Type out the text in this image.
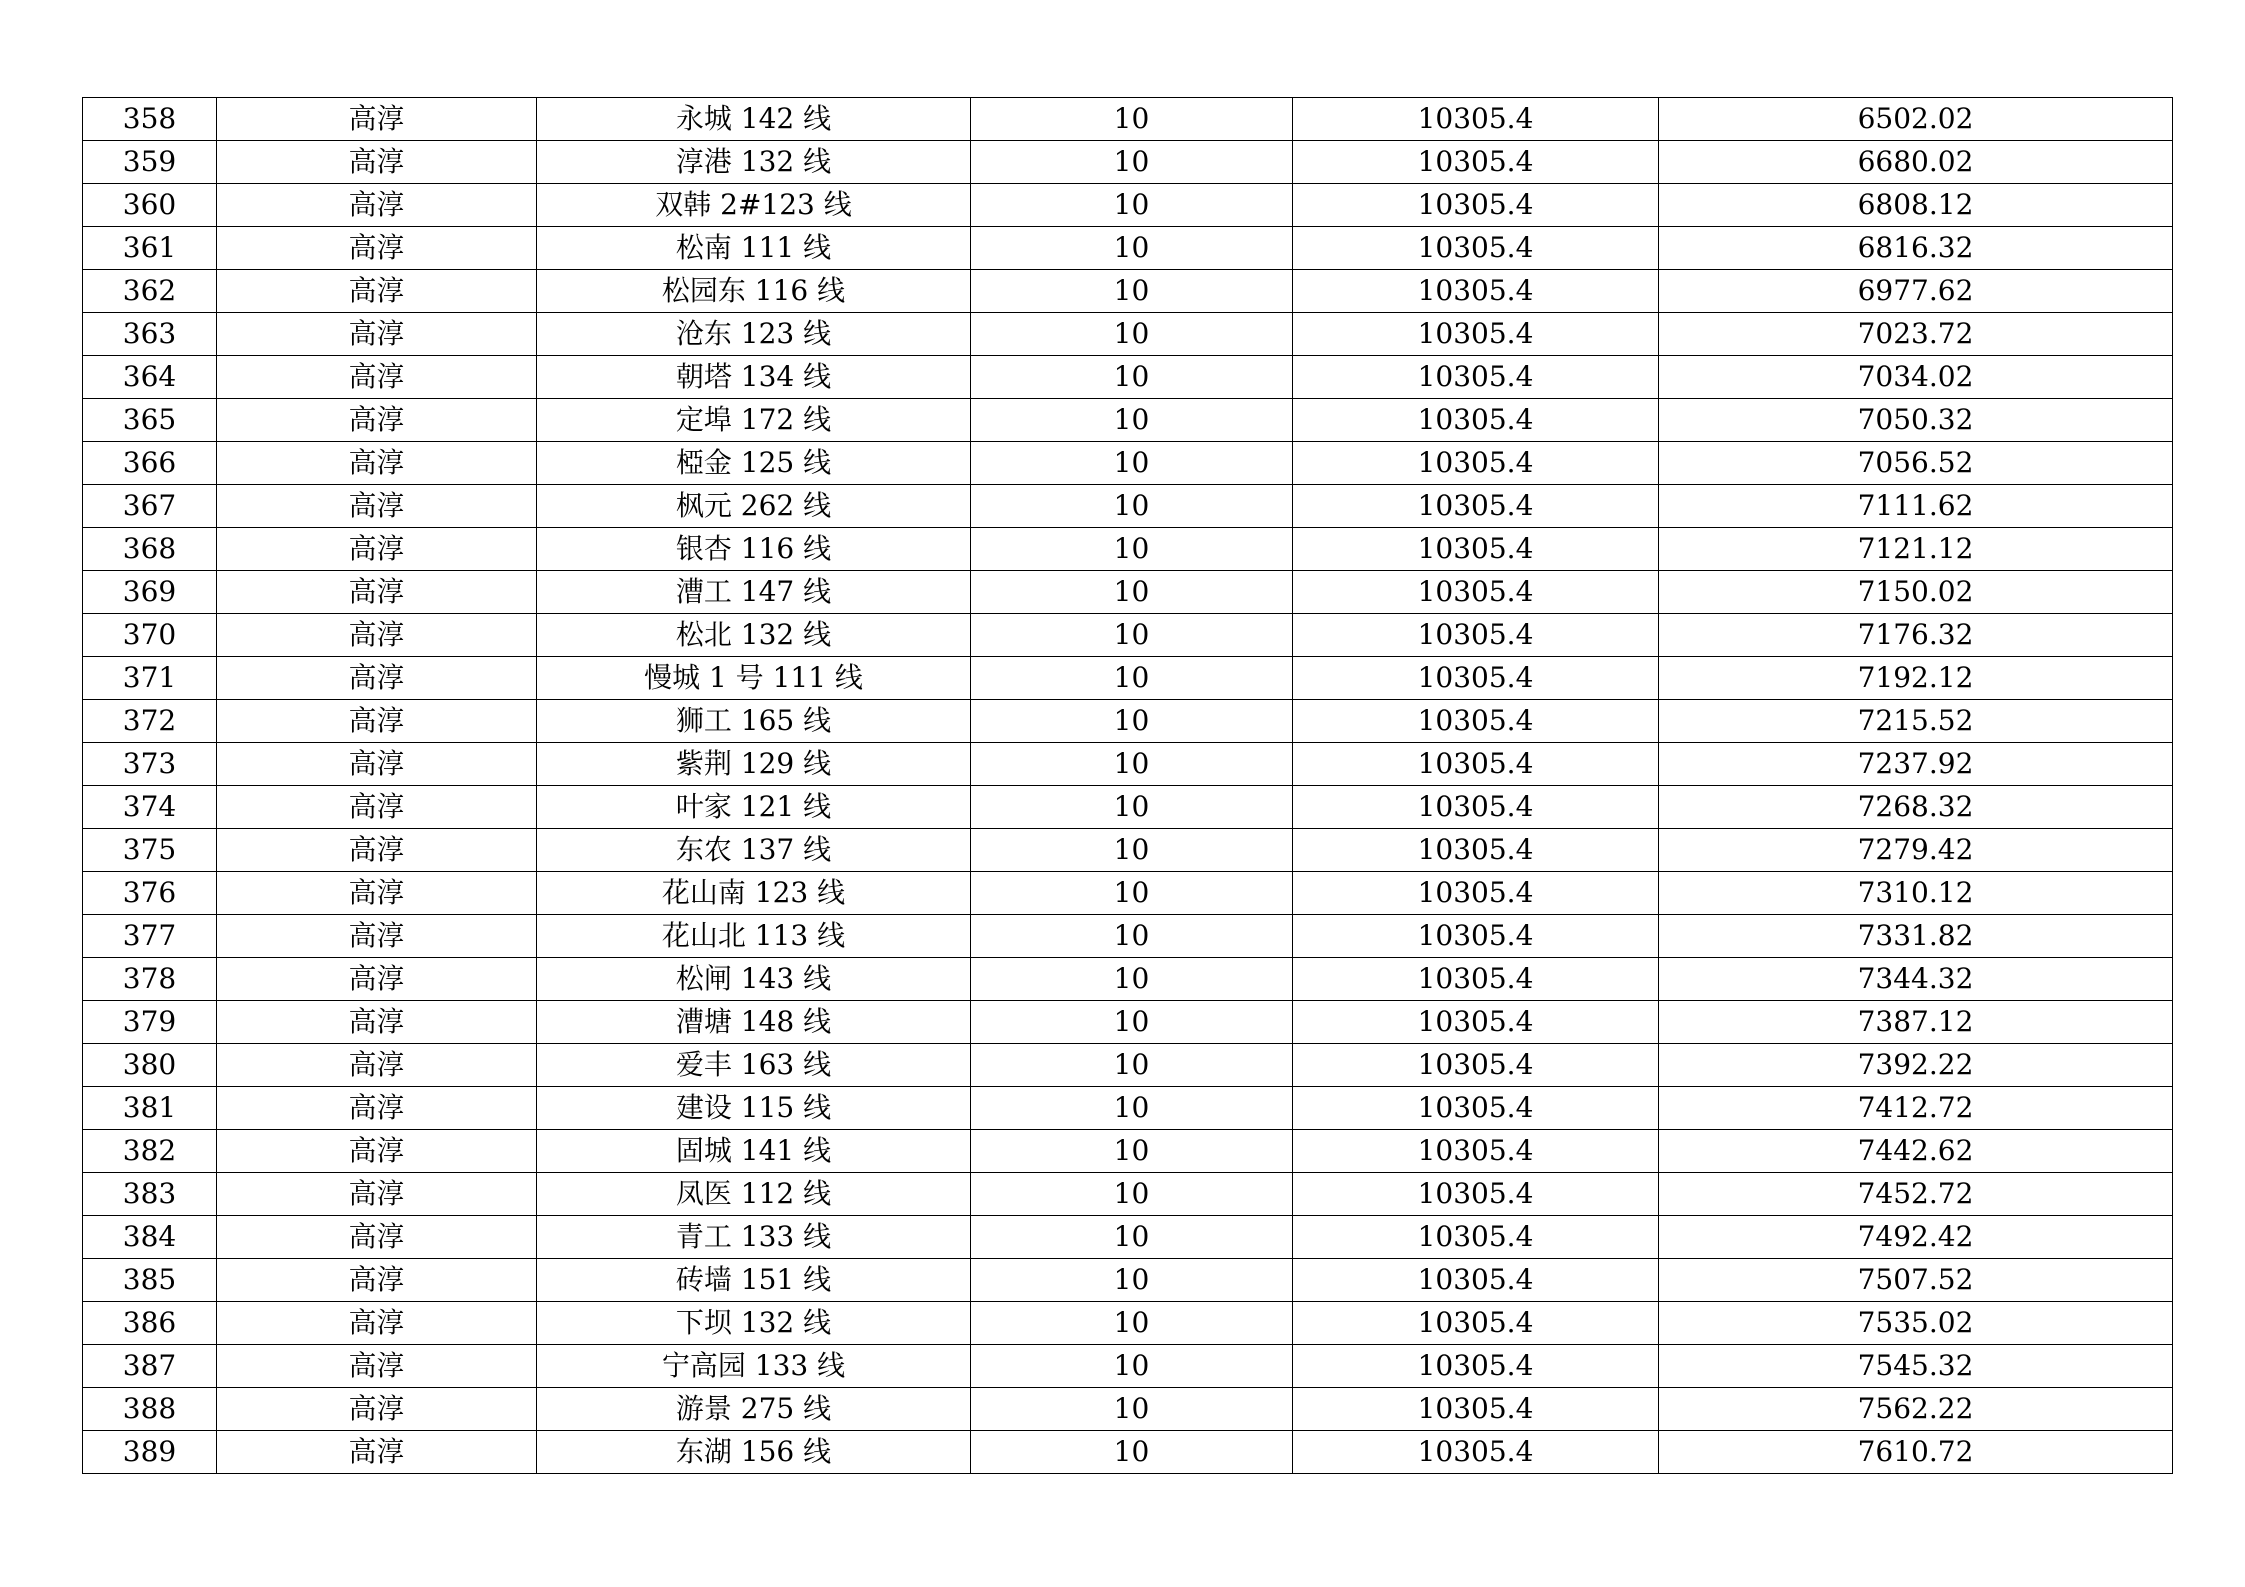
358	高淳	永城 142 线	10	10305.4	6502.02
359	高淳	淳港 132 线	10	10305.4	6680.02
360	高淳	双韩 2#123 线	10	10305.4	6808.12
361	高淳	松南 111 线	10	10305.4	6816.32
362	高淳	松园东 116 线	10	10305.4	6977.62
363	高淳	沧东 123 线	10	10305.4	7023.72
364	高淳	朝塔 134 线	10	10305.4	7034.02
365	高淳	定埠 172 线	10	10305.4	7050.32
366	高淳	椏金 125 线	10	10305.4	7056.52
367	高淳	枫元 262 线	10	10305.4	7111.62
368	高淳	银杏 116 线	10	10305.4	7121.12
369	高淳	漕工 147 线	10	10305.4	7150.02
370	高淳	松北 132 线	10	10305.4	7176.32
371	高淳	慢城 1 号 111 线	10	10305.4	7192.12
372	高淳	狮工 165 线	10	10305.4	7215.52
373	高淳	紫荆 129 线	10	10305.4	7237.92
374	高淳	叶家 121 线	10	10305.4	7268.32
375	高淳	东农 137 线	10	10305.4	7279.42
376	高淳	花山南 123 线	10	10305.4	7310.12
377	高淳	花山北 113 线	10	10305.4	7331.82
378	高淳	松闸 143 线	10	10305.4	7344.32
379	高淳	漕塘 148 线	10	10305.4	7387.12
380	高淳	爱丰 163 线	10	10305.4	7392.22
381	高淳	建设 115 线	10	10305.4	7412.72
382	高淳	固城 141 线	10	10305.4	7442.62
383	高淳	凤医 112 线	10	10305.4	7452.72
384	高淳	青工 133 线	10	10305.4	7492.42
385	高淳	砖墙 151 线	10	10305.4	7507.52
386	高淳	下坝 132 线	10	10305.4	7535.02
387	高淳	宁高园 133 线	10	10305.4	7545.32
388	高淳	游景 275 线	10	10305.4	7562.22
389	高淳	东湖 156 线	10	10305.4	7610.72
